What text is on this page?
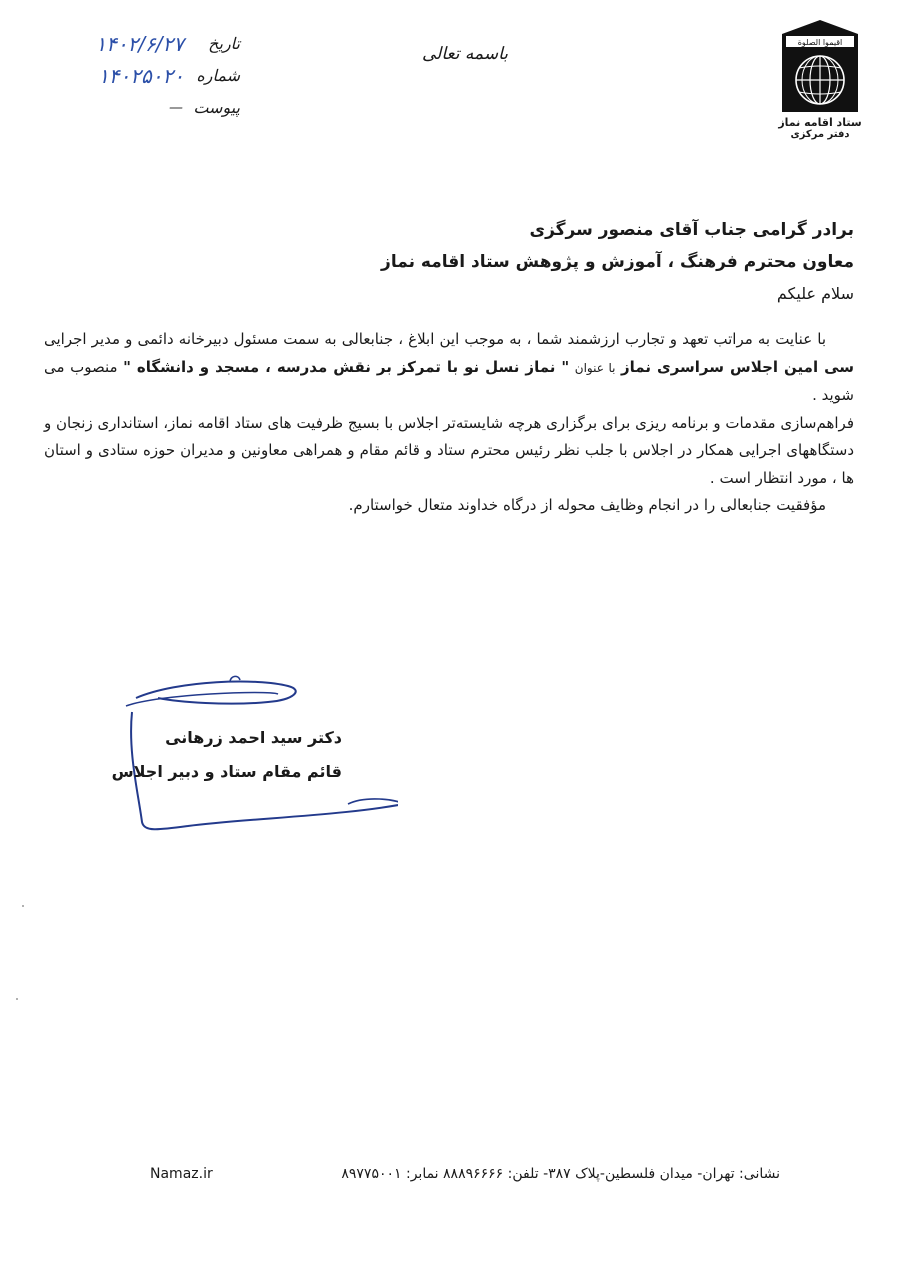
اقیموا الصلوة
ستاد اقامه نماز
دفتر مرکزی
باسمه تعالی
تاریخ
۱۴۰۲/۶/۲۷
شماره
۱۴۰۲۵۰۲۰
پیوست
—
برادر گرامی جناب آقای منصور سرگزی
معاون محترم فرهنگ ، آموزش و پژوهش ستاد اقامه نماز
سلام علیکم

با عنایت به مراتب تعهد و تجارب ارزشمند شما ، به موجب این ابلاغ ، جنابعالی به سمت مسئول دبیرخانه دائمی و مدیر اجرایی سی امین اجلاس سراسری نماز با عنوان " نماز نسل نو با تمرکز بر نقش مدرسه ، مسجد و دانشگاه " منصوب می شوید .

فراهم‌سازی مقدمات و برنامه ریزی برای برگزاری هرچه شایسته‌تر اجلاس با بسیج ظرفیت های ستاد اقامه نماز، استانداری زنجان و دستگاههای اجرایی همکار در اجلاس با جلب نظر رئیس محترم ستاد و قائم مقام و همراهی معاونین و مدیران حوزه ستادی و استان ها ، مورد انتظار است .

مؤفقیت جنابعالی را در انجام وظایف محوله از درگاه خداوند متعال خواستارم.

دکتر سید احمد زرهانی
قائم مقام ستاد و دبیر اجلاس
نشانی: تهران- میدان فلسطین-پلاک ۳۸۷- تلفن: ۸۸۸۹۶۶۶۶ نمابر: ۸۹۷۷۵۰۰۱
Namaz.ir
